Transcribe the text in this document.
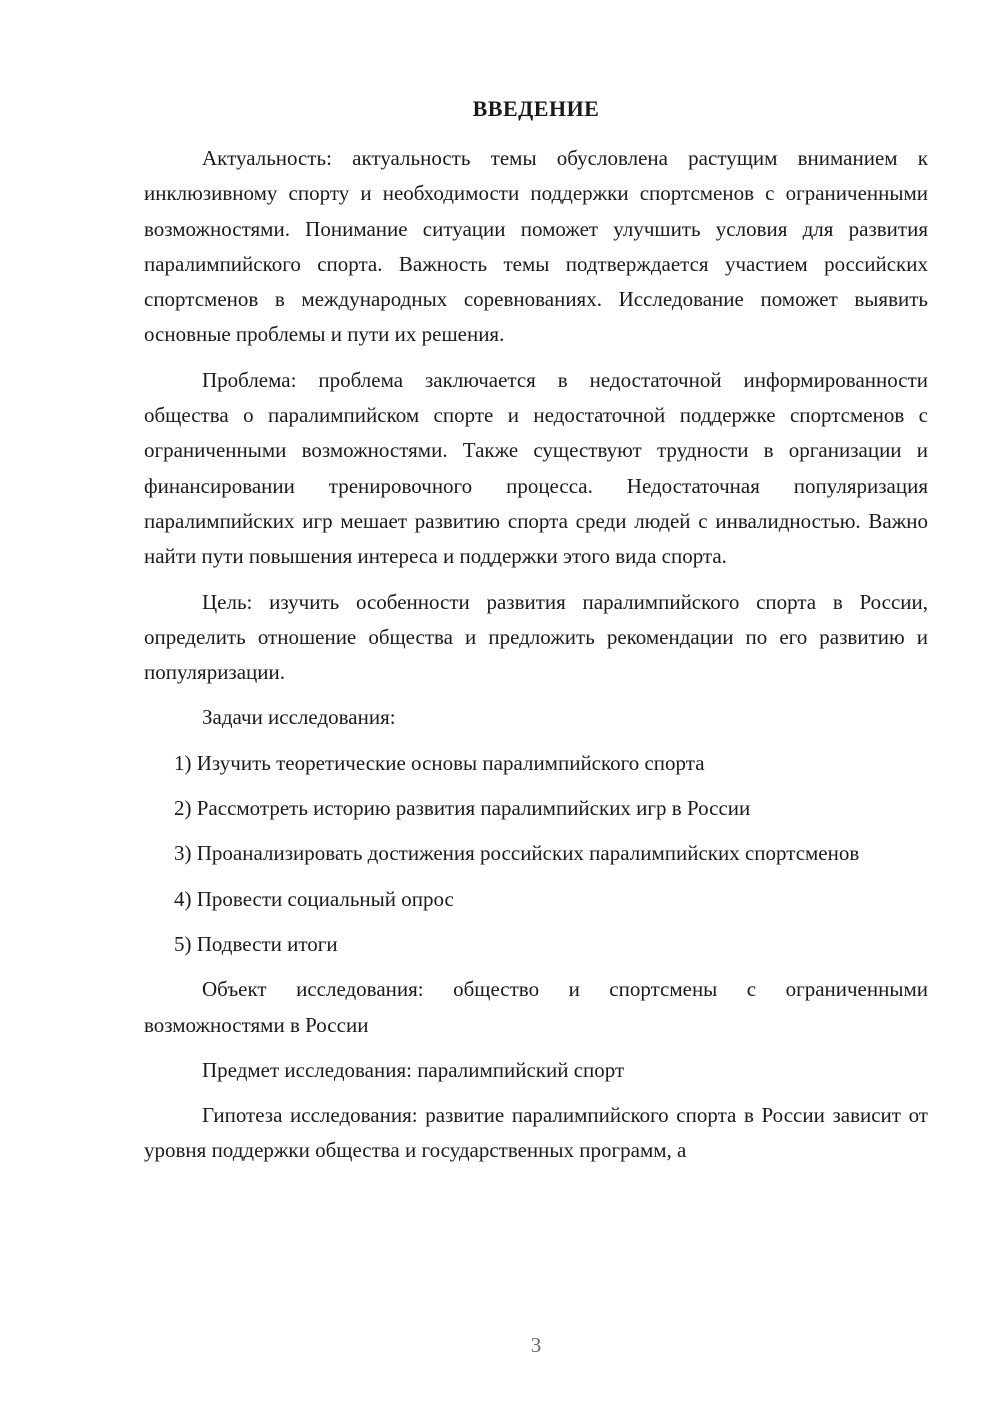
ВВЕДЕНИЕ

Актуальность: актуальность темы обусловлена растущим вниманием к инклюзивному спорту и необходимости поддержки спортсменов с ограниченными возможностями. Понимание ситуации поможет улучшить условия для развития паралимпийского спорта. Важность темы подтверждается участием российских спортсменов в международных соревнованиях. Исследование поможет выявить основные проблемы и пути их решения.

Проблема: проблема заключается в недостаточной информированности общества о паралимпийском спорте и недостаточной поддержке спортсменов с ограниченными возможностями. Также существуют трудности в организации и финансировании тренировочного процесса. Недостаточная популяризация паралимпийских игр мешает развитию спорта среди людей с инвалидностью. Важно найти пути повышения интереса и поддержки этого вида спорта.

Цель: изучить особенности развития паралимпийского спорта в России, определить отношение общества и предложить рекомендации по его развитию и популяризации.

Задачи исследования:

1) Изучить теоретические основы паралимпийского спорта

2) Рассмотреть историю развития паралимпийских игр в России

3) Проанализировать достижения российских паралимпийских спортсменов

4) Провести социальный опрос

5) Подвести итоги

Объект исследования: общество и спортсмены с ограниченными возможностями в России

Предмет исследования: паралимпийский спорт

Гипотеза исследования: развитие паралимпийского спорта в России зависит от уровня поддержки общества и государственных программ, а

3
